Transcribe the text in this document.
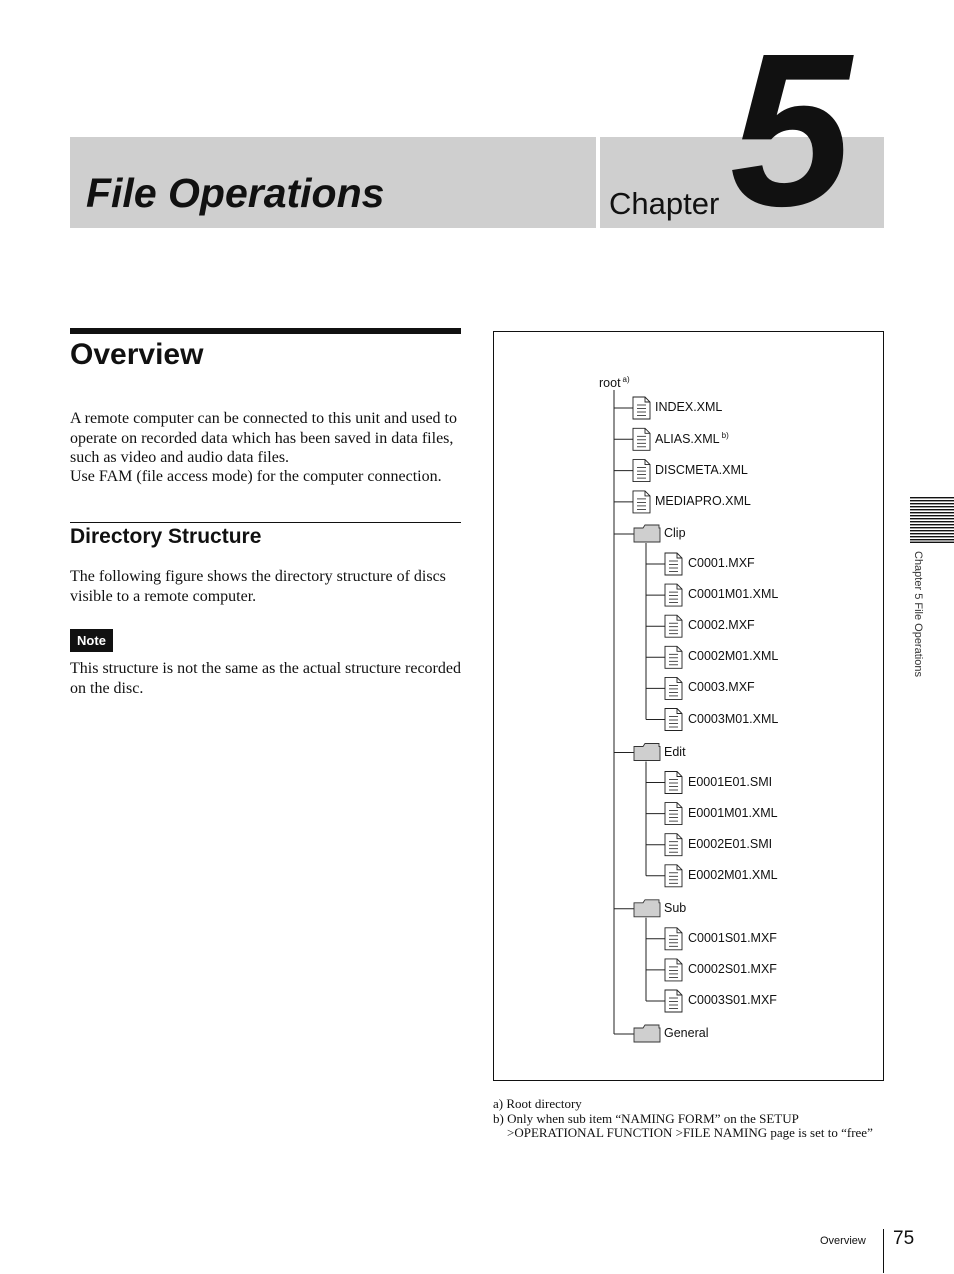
File Operations	Chapter 5
Overview
A remote computer can be connected to this unit and used to operate on recorded data which has been saved in data files, such as video and audio data files.
Use FAM (file access mode) for the computer connection.
Directory Structure
The following figure shows the directory structure of discs visible to a remote computer.
Note
This structure is not the same as the actual structure recorded on the disc.
root $^{a)}$
INDEX.XML
ALIAS.XML $^{b)}$
DISCMETA.XML
MEDIAPRO.XML
Clip
C0001.MXF
C0001M01.XML
C0002.MXF
C0002M01.XML
C0003.MXF
C0003M01.XML
Edit
E0001E01.SMI
E0001M01.XML
E0002E01.SMI
E0002M01.XML
Sub
C0001S01.MXF
C0002S01.MXF
C0003S01.MXF
General
a) Root directory
b) Only when sub item “NAMING FORM” on the SETUP
>OPERATIONAL FUNCTION >FILE NAMING page is set to “free”
Chapter 5 File Operations
Overview 75
